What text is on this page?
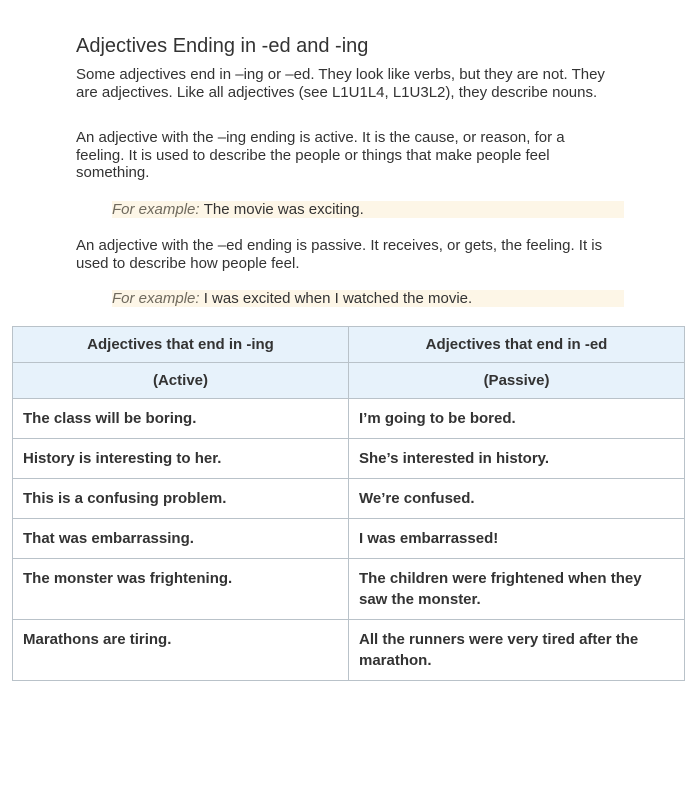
Adjectives Ending in -ed and -ing

Some adjectives end in –ing or –ed. They look like verbs, but they are not. They are adjectives. Like all adjectives (see L1U1L4, L1U3L2), they describe nouns.

An adjective with the –ing ending is active. It is the cause, or reason, for a feeling. It is used to describe the people or things that make people feel something.

For example: The movie was exciting.

An adjective with the –ed ending is passive. It receives, or gets, the feeling. It is used to describe how people feel.

For example: I was excited when I watched the movie.
Adjectives that end in -ing	Adjectives that end in -ed
(Active)	(Passive)
The class will be boring.	I’m going to be bored.
History is interesting to her.	She’s interested in history.
This is a confusing problem.	We’re confused.
That was embarrassing.	I was embarrassed!
The monster was frightening.	The children were frightened when they saw the monster.
Marathons are tiring.	All the runners were very tired after the marathon.
